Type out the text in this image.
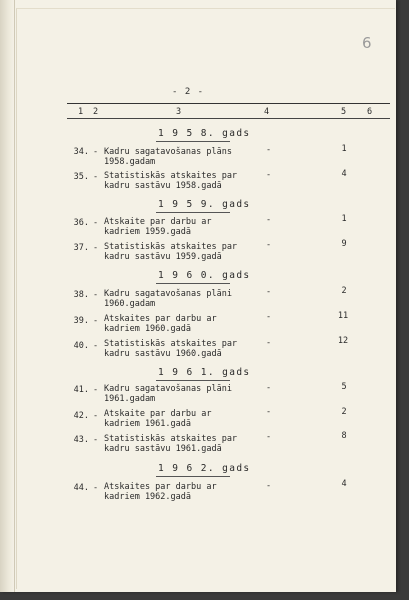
6
- 2 -
1 2	3	4	5 6
1 9 5 8. gads
34. - Kadru sagatavošanas plāns
1958.gadam
-	1
35. - Statistiskās atskaites par
kadru sastāvu 1958.gadā
-	4
1 9 5 9. gads
36. - Atskaite par darbu ar
kadriem 1959.gadā
-	1
37. - Statistiskās atskaites par
kadru sastāvu 1959.gadā
-	9
1 9 6 0. gads
38. - Kadru sagatavošanas plāni
1960.gadam
-	2
39. - Atskaites par darbu ar
kadriem 1960.gadā
-	11
40. - Statistiskās atskaites par
kadru sastāvu 1960.gadā
-	12
1 9 6 1. gads
41. - Kadru sagatavošanas plāni
1961.gadam
-	5
42. - Atskaite par darbu ar
kadriem 1961.gadā
-	2
43. - Statistiskās atskaites par
kadru sastāvu 1961.gadā
-	8
1 9 6 2. gads
44. - Atskaites par darbu ar
kadriem 1962.gadā
-	4
